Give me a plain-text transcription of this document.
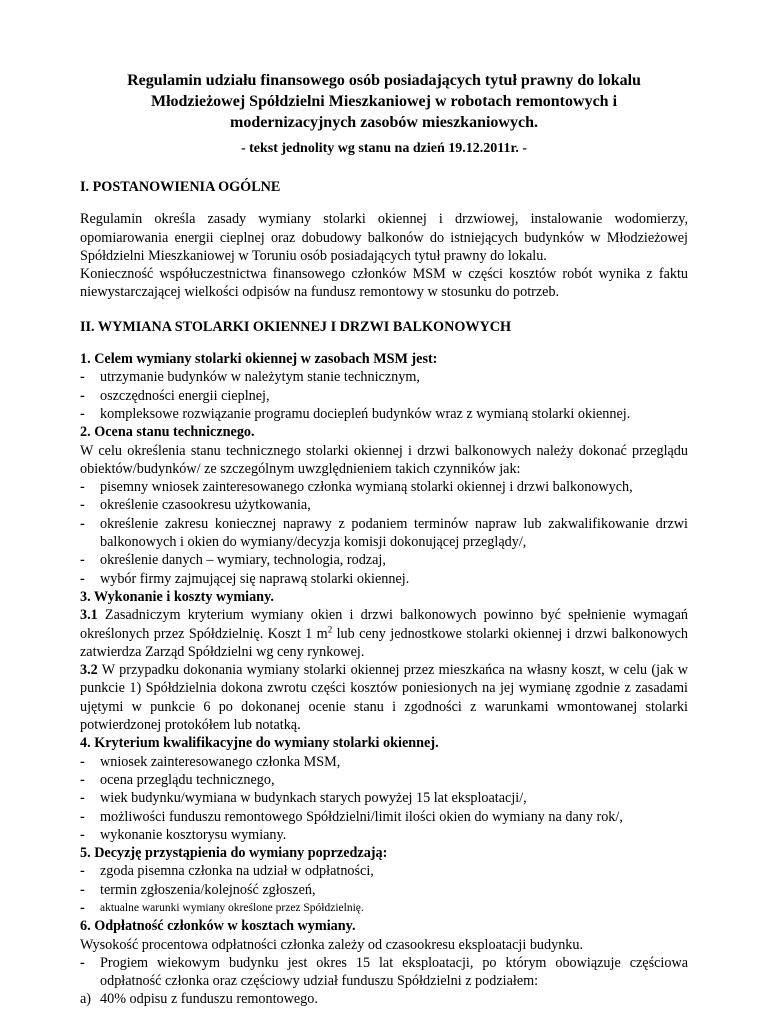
Regulamin udziału finansowego osób posiadających tytuł prawny do lokalu
Młodzieżowej Spółdzielni Mieszkaniowej w robotach remontowych i
modernizacyjnych zasobów mieszkaniowych.
- tekst jednolity wg stanu na dzień 19.12.2011r. -

I. POSTANOWIENIA OGÓLNE

Regulamin określa zasady wymiany stolarki okiennej i drzwiowej, instalowanie wodomierzy, opomiarowania energii cieplnej oraz dobudowy balkonów do istniejących budynków w Młodzieżowej Spółdzielni Mieszkaniowej w Toruniu osób posiadających tytuł prawny do lokalu.

Konieczność współuczestnictwa finansowego członków MSM w części kosztów robót wynika z faktu niewystarczającej wielkości odpisów na fundusz remontowy w stosunku do potrzeb.

II. WYMIANA STOLARKI OKIENNEJ I DRZWI BALKONOWYCH

1. Celem wymiany stolarki okiennej w zasobach MSM jest:

-	utrzymanie budynków w należytym stanie technicznym,
-	oszczędności energii cieplnej,
-	kompleksowe rozwiązanie programu dociepleń budynków wraz z wymianą stolarki okiennej.

2. Ocena stanu technicznego.

W celu określenia stanu technicznego stolarki okiennej i drzwi balkonowych należy dokonać przeglądu obiektów/budynków/ ze szczególnym uwzględnieniem takich czynników jak:

-	pisemny wniosek zainteresowanego członka wymianą stolarki okiennej i drzwi balkonowych,
-	określenie czasookresu użytkowania,
-	określenie zakresu koniecznej naprawy z podaniem terminów napraw lub zakwalifikowanie drzwi balkonowych i okien do wymiany/decyzja komisji dokonującej przeglądy/,
-	określenie danych – wymiary, technologia, rodzaj,
-	wybór firmy zajmującej się naprawą stolarki okiennej.

3. Wykonanie i koszty wymiany.

3.1 Zasadniczym kryterium wymiany okien i drzwi balkonowych powinno być spełnienie wymagań określonych przez Spółdzielnię. Koszt 1 $m^2$ lub ceny jednostkowe stolarki okiennej i drzwi balkonowych zatwierdza Zarząd Spółdzielni wg ceny rynkowej.

3.2 W przypadku dokonania wymiany stolarki okiennej przez mieszkańca na własny koszt, w celu (jak w punkcie 1) Spółdzielnia dokona zwrotu części kosztów poniesionych na jej wymianę zgodnie z zasadami ujętymi w punkcie 6 po dokonanej ocenie stanu i zgodności z warunkami wmontowanej stolarki potwierdzonej protokółem lub notatką.

4. Kryterium kwalifikacyjne do wymiany stolarki okiennej.

-	wniosek zainteresowanego członka MSM,
-	ocena przeglądu technicznego,
-	wiek budynku/wymiana w budynkach starych powyżej 15 lat eksploatacji/,
-	możliwości funduszu remontowego Spółdzielni/limit ilości okien do wymiany na dany rok/,
-	wykonanie kosztorysu wymiany.

5. Decyzję przystąpienia do wymiany poprzedzają:

-	zgoda pisemna członka na udział w odpłatności,
-	termin zgłoszenia/kolejność zgłoszeń,
-	aktualne warunki wymiany określone przez Spółdzielnię.

6. Odpłatność członków w kosztach wymiany.

Wysokość procentowa odpłatności członka zależy od czasookresu eksploatacji budynku.

-	Progiem wiekowym budynku jest okres 15 lat eksploatacji, po którym obowiązuje częściowa odpłatność członka oraz częściowy udział funduszu Spółdzielni z podziałem:
a) 40% odpisu z funduszu remontowego.
